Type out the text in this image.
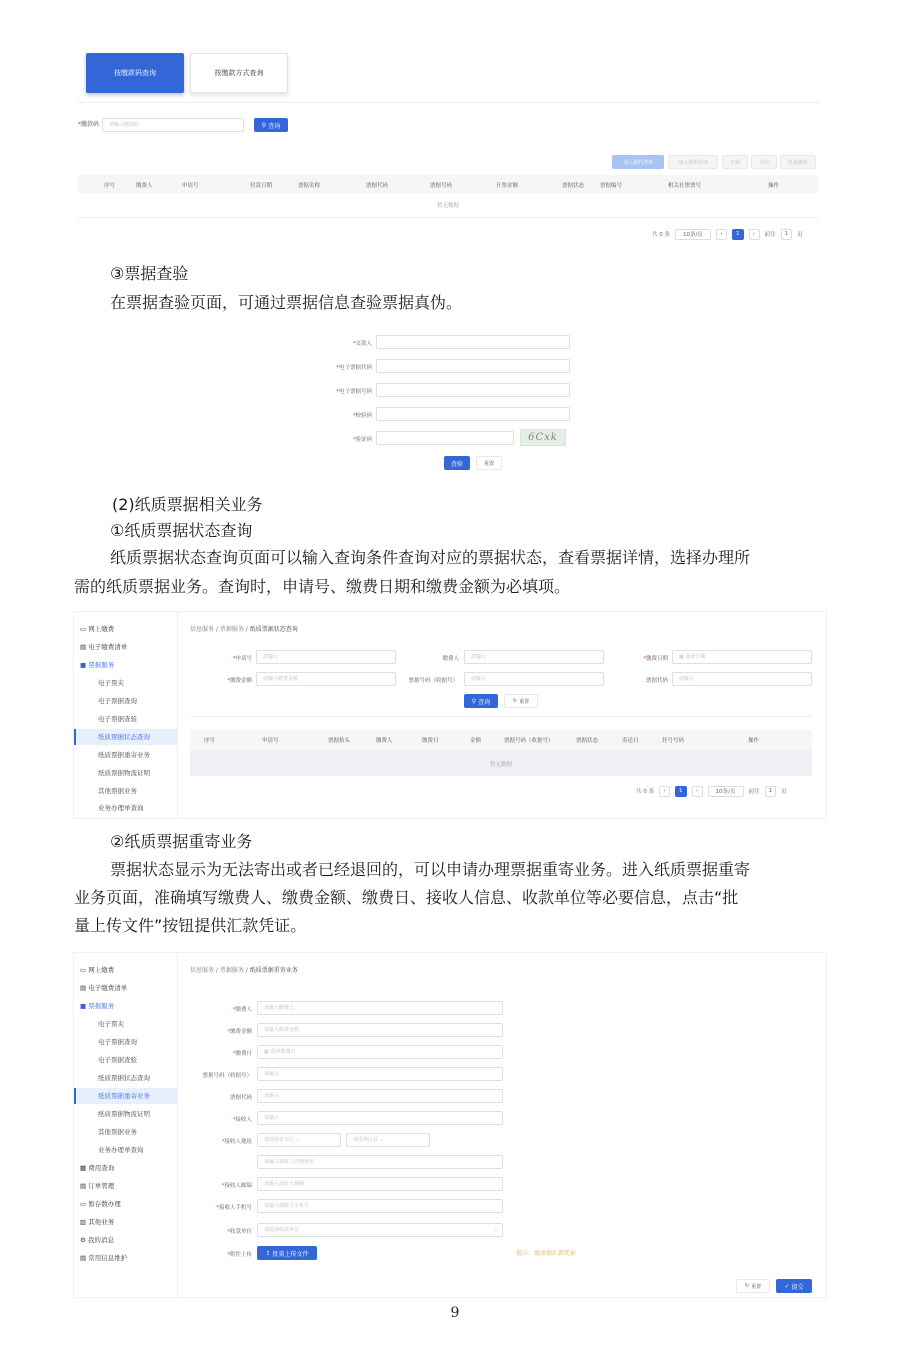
按缴款码查询	按缴款方式查询
*缴款码	请输入缴款码	⚲ 查询
加入预约清单	加入清单存证	下载	导出	批量操作
序号	缴费人	申请号	付款日期	票据名称	票据代码	票据号码	开票金额	票据状态	票据编号	相关社票票号	操作
暂无数据
共 0 条	10条/页	‹	1	›	前往	1	页
③票据查验
在票据查验页面，可通过票据信息查验票据真伪。
*交款人
*电子票据代码
*电子票据号码
*校验码
*验证码	6Cxk
查验	重置
(2)纸质票据相关业务
①纸质票据状态查询
纸质票据状态查询页面可以输入查询条件查询对应的票据状态，查看票据详情，选择办理所
需的纸质票据业务。查询时，申请号、缴费日期和缴费金额为必填项。
▭ 网上缴费
▤ 电子缴费清单
■ 票据服务
电子票夹
电子票据查询
电子票据查验
纸质票据状态查询
纸质票据重寄业务
纸质票据物流证明
其他票据业务
业务办理单查询
信息服务 / 票据服务 / 纸质票据状态查询
*申请号	请输入	缴费人	请输入	*缴费日期	▦ 选择日期
*缴费金额	请输入缴费金额	票据号码（收据号）	请输入	票据代码	请输入
⚲ 查询	↻ 重置
序号	申请号	票据抬头	缴费人	缴费日	金额	票据号码（收据号）	票据状态	寄送日	挂号号码	操作
暂无数据
共 0 条	‹	1	›	10条/页	前往	1	页
②纸质票据重寄业务
票据状态显示为无法寄出或者已经退回的，可以申请办理票据重寄业务。进入纸质票据重寄
业务页面，准确填写缴费人、缴费金额、缴费日、接收人信息、收款单位等必要信息，点击“批
量上传文件”按钮提供汇款凭证。
▭ 网上缴费
▤ 电子缴费清单
■ 票据服务
电子票夹
电子票据查询
电子票据查验
纸质票据状态查询
纸质票据重寄业务
纸质票据物流证明
其他票据业务
业务办理单查询
▦ 费用查询
▤ 订单管理
▭ 暂存数办理
▥ 其他业务
⚙ 我的消息
▤ 常用信息维护
信息服务 / 票据服务 / 纸质票据重寄业务
*缴费人	请输入缴费人
*缴费金额	请输入缴费金额
*缴费日	▦ 选择缴费日
票据号码（收据号）	请输入
票据代码	请输入
*接收人	请输入
*接收人地址	请选择省市区 ⌄	请选择区县 ⌄
请输入接收人详细地址
*接收人邮编	请输入接收人邮编
*接收人手机号	请输入接收人手机号
*收款单位	请选择收款单位	⌄
*附件上传 ⇪ 批量上传文件	提示：请添加汇款凭证
↻ 重置	✓ 提交
9
